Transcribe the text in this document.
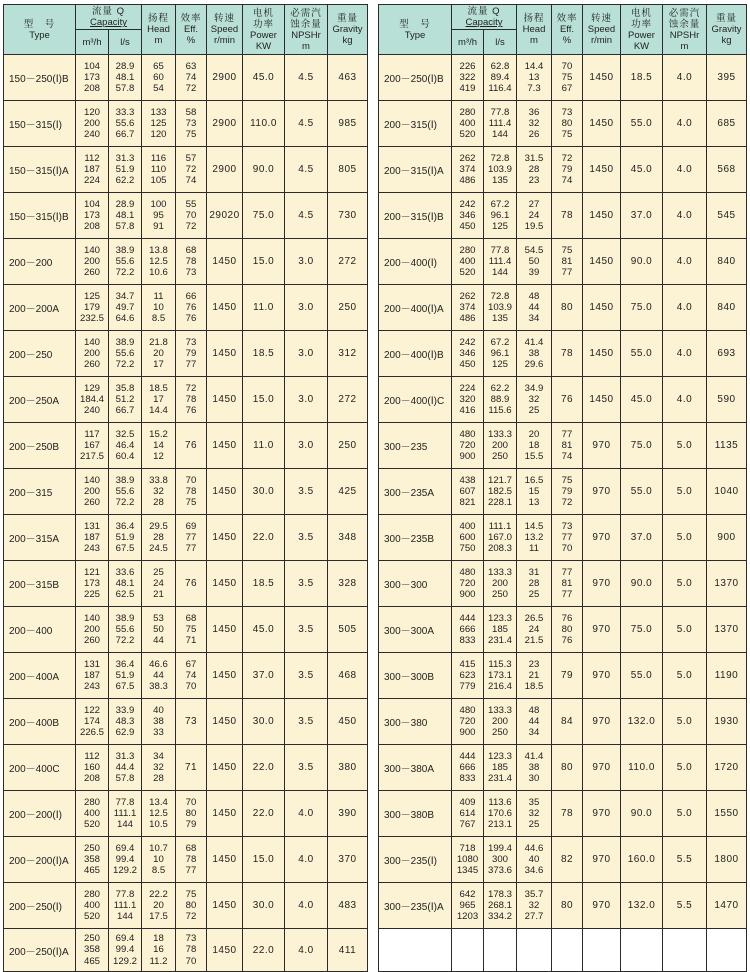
型　号
Type	流量 Q
Capacity		扬程
Head
m	效率
Eff.
%	转速
Speed
r/min	电机
功率
Power
KW	必需汽
蚀余量
NPSHr
m	重量
Gravity
kg

	m³/h	l/s						
150－250(Ⅰ)B	104
173
208	28.9
48.1
57.8	65
60
54	63
74
72	2900	45.0	4.5	463
150－315(Ⅰ)	120
200
240	33.3
55.6
66.7	133
125
120	58
73
75	2900	110.0	4.5	985
150－315(Ⅰ)A	112
187
224	31.3
51.9
62.2	116
110
105	57
72
74	2900	90.0	4.5	805
150－315(Ⅰ)B	104
173
208	28.9
48.1
57.8	100
95
91	55
70
72	29020	75.0	4.5	730
200－200	140
200
260	38.9
55.6
72.2	13.8
12.5
10.6	68
78
73	1450	15.0	3.0	272
200－200A	125
179
232.5	34.7
49.7
64.6	11
10
8.5	66
76
76	1450	11.0	3.0	250
200－250	140
200
260	38.9
55.6
72.2	21.8
20
17	73
79
77	1450	18.5	3.0	312
200－250A	129
184.4
240	35.8
51.2
66.7	18.5
17
14.4	72
78
76	1450	15.0	3.0	272
200－250B	117
167
217.5	32.5
46.4
60.4	15.2
14
12	76	1450	11.0	3.0	250
200－315	140
200
260	38.9
55.6
72.2	33.8
32
28	70
78
75	1450	30.0	3.5	425
200－315A	131
187
243	36.4
51.9
67.5	29.5
28
24.5	69
77
77	1450	22.0	3.5	348
200－315B	121
173
225	33.6
48.1
62.5	25
24
21	76	1450	18.5	3.5	328
200－400	140
200
260	38.9
55.6
72.2	53
50
44	68
75
71	1450	45.0	3.5	505
200－400A	131
187
243	36.4
51.9
67.5	46.6
44
38.3	67
74
70	1450	37.0	3.5	468
200－400B	122
174
226.5	33.9
48.3
62.9	40
38
33	73	1450	30.0	3.5	450
200－400C	112
160
208	31.3
44.4
57.8	34
32
28	71	1450	22.0	3.5	380
200－200(Ⅰ)	280
400
520	77.8
111.1
144	13.4
12.5
10.5	70
80
79	1450	22.0	4.0	390
200－200(Ⅰ)A	250
358
465	69.4
99.4
129.2	10.7
10
8.5	68
78
77	1450	15.0	4.0	370
200－250(Ⅰ)	280
400
520	77.8
111.1
144	22.2
20
17.5	75
80
72	1450	30.0	4.0	483
200－250(Ⅰ)A	250
358
465	69.4
99.4
129.2	18
16
11.2	73
78
70	1450	22.0	4.0	411
型　号
Type	流量 Q
Capacity		扬程
Head
m	效率
Eff.
%	转速
Speed
r/min	电机
功率
Power
KW	必需汽
蚀余量
NPSHr
m	重量
Gravity
kg

	m³/h	l/s						
200－250(Ⅰ)B	226
322
419	62.8
89.4
116.4	14.4
13
7.3	70
75
67	1450	18.5	4.0	395
200－315(Ⅰ)	280
400
520	77.8
111.4
144	36
32
26	73
80
75	1450	55.0	4.0	685
200－315(Ⅰ)A	262
374
486	72.8
103.9
135	31.5
28
23	72
79
74	1450	45.0	4.0	568
200－315(Ⅰ)B	242
346
450	67.2
96.1
125	27
24
19.5	78	1450	37.0	4.0	545
200－400(Ⅰ)	280
400
520	77.8
111.4
144	54.5
50
39	75
81
77	1450	90.0	4.0	840
200－400(Ⅰ)A	262
374
486	72.8
103.9
135	48
44
34	80	1450	75.0	4.0	840
200－400(Ⅰ)B	242
346
450	67.2
96.1
125	41.4
38
29.6	78	1450	55.0	4.0	693
200－400(Ⅰ)C	224
320
416	62.2
88.9
115.6	34.9
32
25	76	1450	45.0	4.0	590
300－235	480
720
900	133.3
200
250	20
18
15.5	77
81
74	970	75.0	5.0	1135
300－235A	438
607
821	121.7
182.5
228.1	16.5
15
13	75
79
72	970	55.0	5.0	1040
300－235B	400
600
750	111.1
167.0
208.3	14.5
13.2
11	73
77
70	970	37.0	5.0	900
300－300	480
720
900	133.3
200
250	31
28
25	77
81
77	970	90.0	5.0	1370
300－300A	444
666
833	123.3
185
231.4	26.5
24
21.5	76
80
76	970	75.0	5.0	1370
300－300B	415
623
779	115.3
173.1
216.4	23
21
18.5	79	970	55.0	5.0	1190
300－380	480
720
900	133.3
200
250	48
44
34	84	970	132.0	5.0	1930
300－380A	444
666
833	123.3
185
231.4	41.4
38
30	80	970	110.0	5.0	1720
300－380B	409
614
767	113.6
170.6
213.1	35
32
25	78	970	90.0	5.0	1550
300－235(Ⅰ)	718
1080
1345	199.4
300
373.6	44.6
40
34.6	82	970	160.0	5.5	1800
300－235(Ⅰ)A	642
965
1203	178.3
268.1
334.2	35.7
32
27.7	80	970	132.0	5.5	1470
